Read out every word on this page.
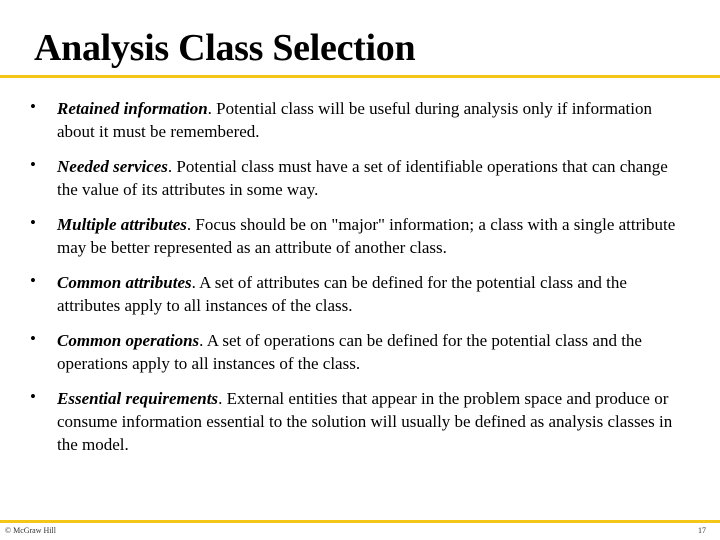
Analysis Class Selection
• Retained information. Potential class will be useful during analysis only if information about it must be remembered.
• Needed services. Potential class must have a set of identifiable operations that can change the value of its attributes in some way.
• Multiple attributes. Focus should be on "major" information; a class with a single attribute may be better represented as an attribute of another class.
• Common attributes. A set of attributes can be defined for the potential class and the attributes apply to all instances of the class.
• Common operations. A set of operations can be defined for the potential class and the operations apply to all instances of the class.
• Essential requirements. External entities that appear in the problem space and produce or consume information essential to the solution will usually be defined as analysis classes in the model.
© McGraw Hill	17
